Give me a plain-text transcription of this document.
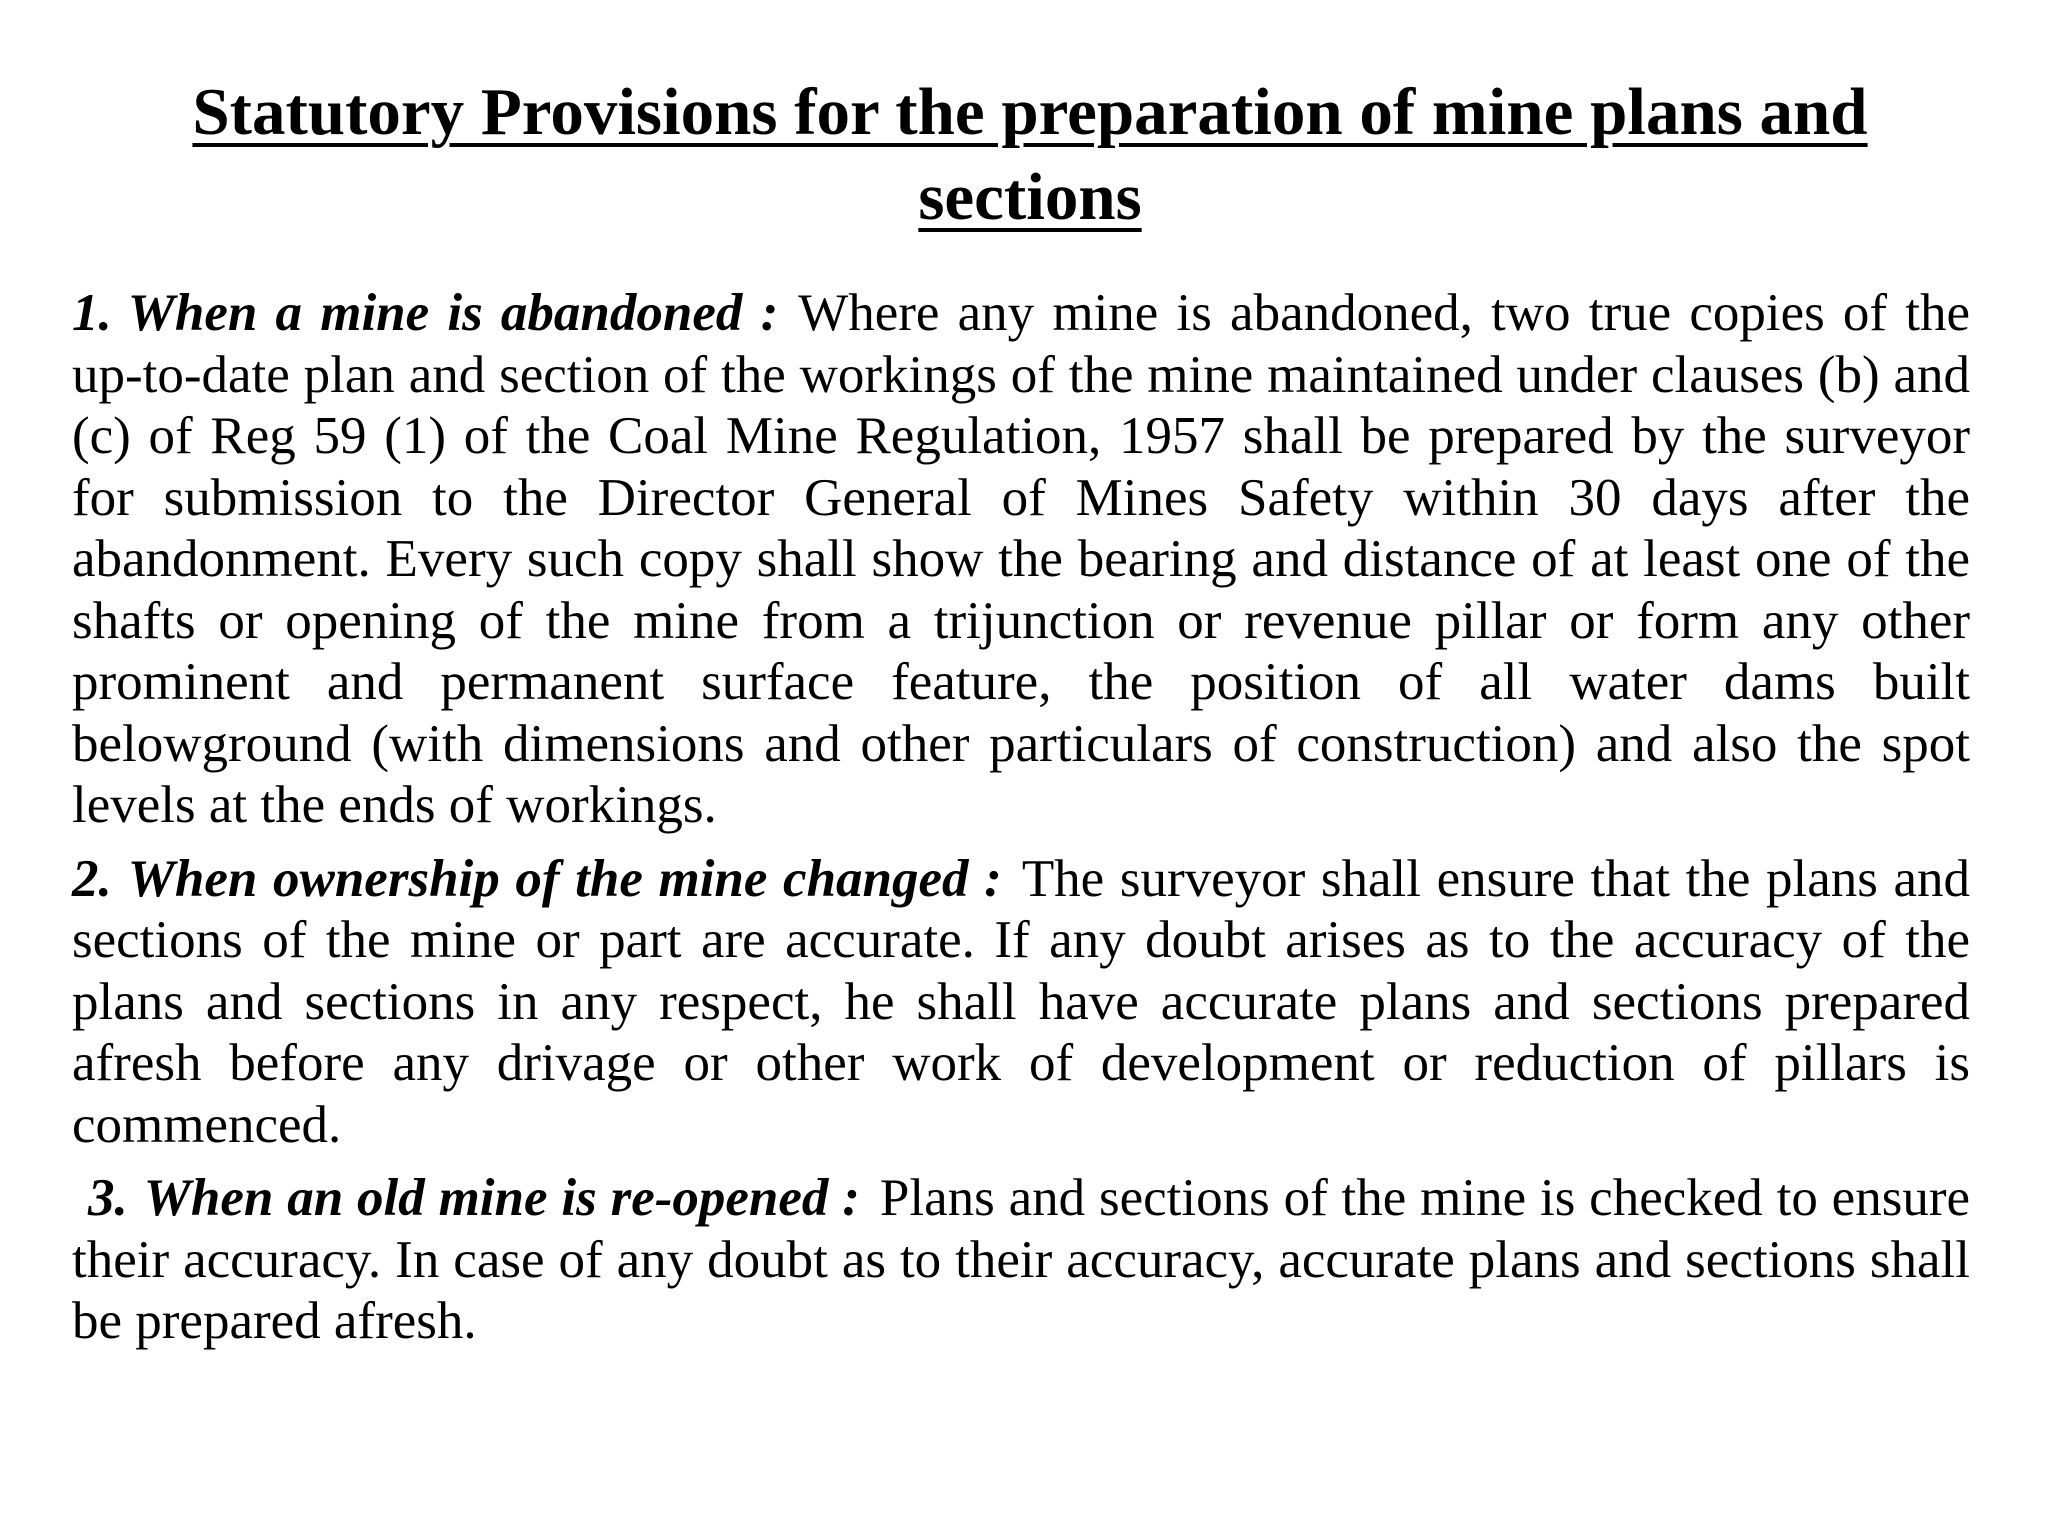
Statutory Provisions for the preparation of mine plans and sections

1. When a mine is abandoned : Where any mine is abandoned, two true copies of the up-to-date plan and section of the workings of the mine maintained under clauses (b) and (c) of Reg 59 (1) of the Coal Mine Regulation, 1957 shall be prepared by the surveyor for submission to the Director General of Mines Safety within 30 days after the abandonment. Every such copy shall show the bearing and distance of at least one of the shafts or opening of the mine from a trijunction or revenue pillar or form any other prominent and permanent surface feature, the position of all water dams built belowground (with dimensions and other particulars of construction) and also the spot levels at the ends of workings.

2. When ownership of the mine changed : The surveyor shall ensure that the plans and sections of the mine or part are accurate. If any doubt arises as to the accuracy of the plans and sections in any respect, he shall have accurate plans and sections prepared afresh before any drivage or other work of development or reduction of pillars is commenced.

3. When an old mine is re-opened : Plans and sections of the mine is checked to ensure their accuracy. In case of any doubt as to their accuracy, accurate plans and sections shall be prepared afresh.
